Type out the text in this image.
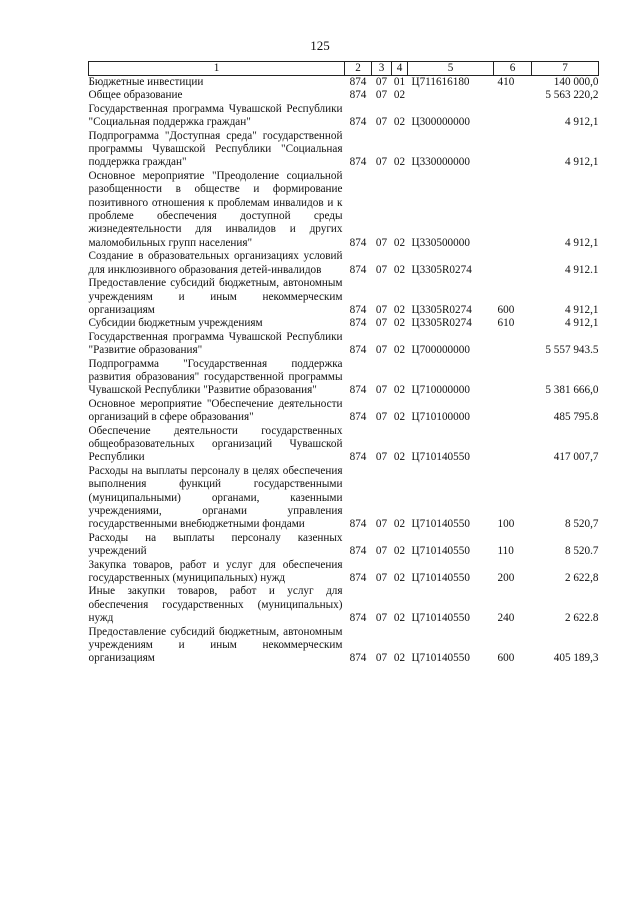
125
1	2	3	4	5	6	7
Бюджетные инвестиции	874	07	01	Ц711616180	410	140 000,0
Общее образование	874	07	02			5 563 220,2
Государственная программа Чувашской Республики "Социальная поддержка граждан"	874	07	02	Ц300000000		4 912,1
Подпрограмма "Доступная среда" государственной программы Чувашской Республики "Социальная поддержка граждан"	874	07	02	Ц330000000		4 912,1
Основное мероприятие "Преодоление социальной разобщенности в обществе и формирование позитивного отношения к проблемам инвалидов и к проблеме обеспечения доступной среды жизнедеятельности для инвалидов и других маломобильных групп населения"	874	07	02	Ц330500000		4 912,1
Создание в образовательных организациях условий для инклюзивного образования детей-инвалидов	874	07	02	Ц3305R0274		4 912.1
Предоставление субсидий бюджетным, автономным учреждениям и иным некоммерческим организациям	874	07	02	Ц3305R0274	600	4 912,1
Субсидии бюджетным учреждениям	874	07	02	Ц3305R0274	610	4 912,1
Государственная программа Чувашской Республики "Развитие образования"	874	07	02	Ц700000000		5 557 943.5
Подпрограмма "Государственная поддержка развития образования" государственной программы Чувашской Республики "Развитие образования"	874	07	02	Ц710000000		5 381 666,0
Основное мероприятие "Обеспечение деятельности организаций в сфере образования"	874	07	02	Ц710100000		485 795.8
Обеспечение деятельности государственных общеобразовательных организаций Чувашской Республики	874	07	02	Ц710140550		417 007,7
Расходы на выплаты персоналу в целях обеспечения выполнения функций государственными (муниципальными) органами, казенными учреждениями, органами управления государственными внебюджетными фондами	874	07	02	Ц710140550	100	8 520,7
Расходы на выплаты персоналу казенных учреждений	874	07	02	Ц710140550	110	8 520.7
Закупка товаров, работ и услуг для обеспечения государственных (муниципальных) нужд	874	07	02	Ц710140550	200	2 622,8
Иные закупки товаров, работ и услуг для обеспечения государственных (муниципальных) нужд	874	07	02	Ц710140550	240	2 622.8
Предоставление субсидий бюджетным, автономным учреждениям и иным некоммерческим организациям	874	07	02	Ц710140550	600	405 189,3
